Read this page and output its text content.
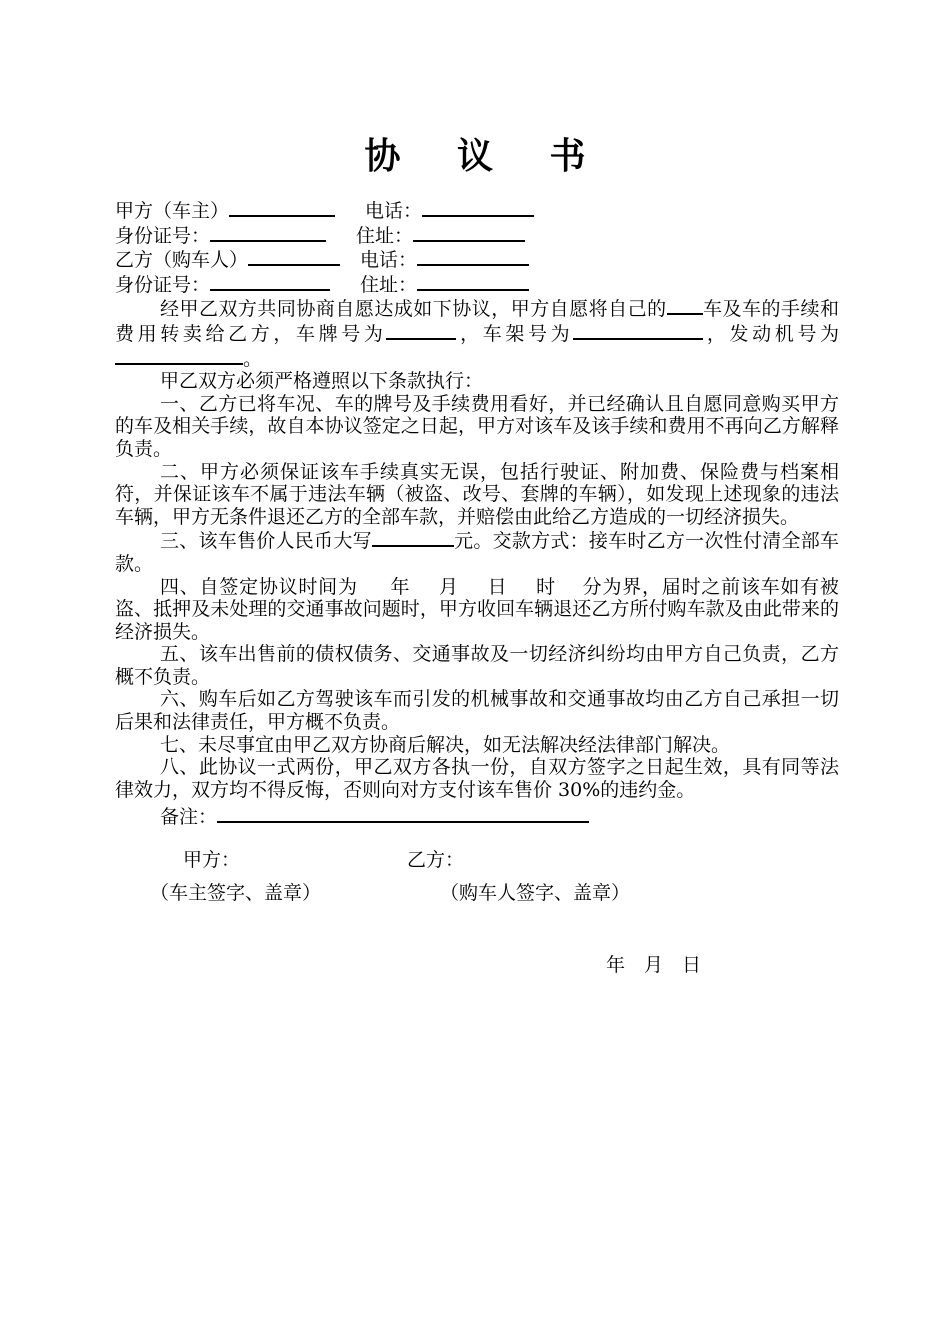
协 议 书
甲方（车主）	电话：
身份证号：	住址：
乙方（购车人）	电话：
身份证号：	住址：
经甲乙双方共同协商自愿达成如下协议，甲方自愿将自己的 车及车的手续和费用转卖给乙方，车牌号为	，车架号为	，发动机号为。
甲乙双方必须严格遵照以下条款执行：
一、乙方已将车况、车的牌号及手续费用看好，并已经确认且自愿同意购买甲方的车及相关手续，故自本协议签定之日起，甲方对该车及该手续和费用不再向乙方解释负责。
二、甲方必须保证该车手续真实无误，包括行驶证、附加费、保险费与档案相符，并保证该车不属于违法车辆（被盗、改号、套牌的车辆），如发现上述现象的违法车辆，甲方无条件退还乙方的全部车款，并赔偿由此给乙方造成的一切经济损失。
三、该车售价人民币大写	元。交款方式：接车时乙方一次性付清全部车款。
四、自签定协议时间为 年 月 日 时 分为界，届时之前该车如有被盗、抵押及未处理的交通事故问题时，甲方收回车辆退还乙方所付购车款及由此带来的经济损失。
五、该车出售前的债权债务、交通事故及一切经济纠纷均由甲方自己负责，乙方概不负责。
六、购车后如乙方驾驶该车而引发的机械事故和交通事故均由乙方自己承担一切后果和法律责任，甲方概不负责。
七、未尽事宜由甲乙双方协商后解决，如无法解决经法律部门解决。
八、此协议一式两份，甲乙双方各执一份，自双方签字之日起生效，具有同等法律效力，双方均不得反悔，否则向对方支付该车售价 30%的违约金。
备注：
甲方：	乙方：
（车主签字、盖章）	（购车人签字、盖章）
年　月　日
